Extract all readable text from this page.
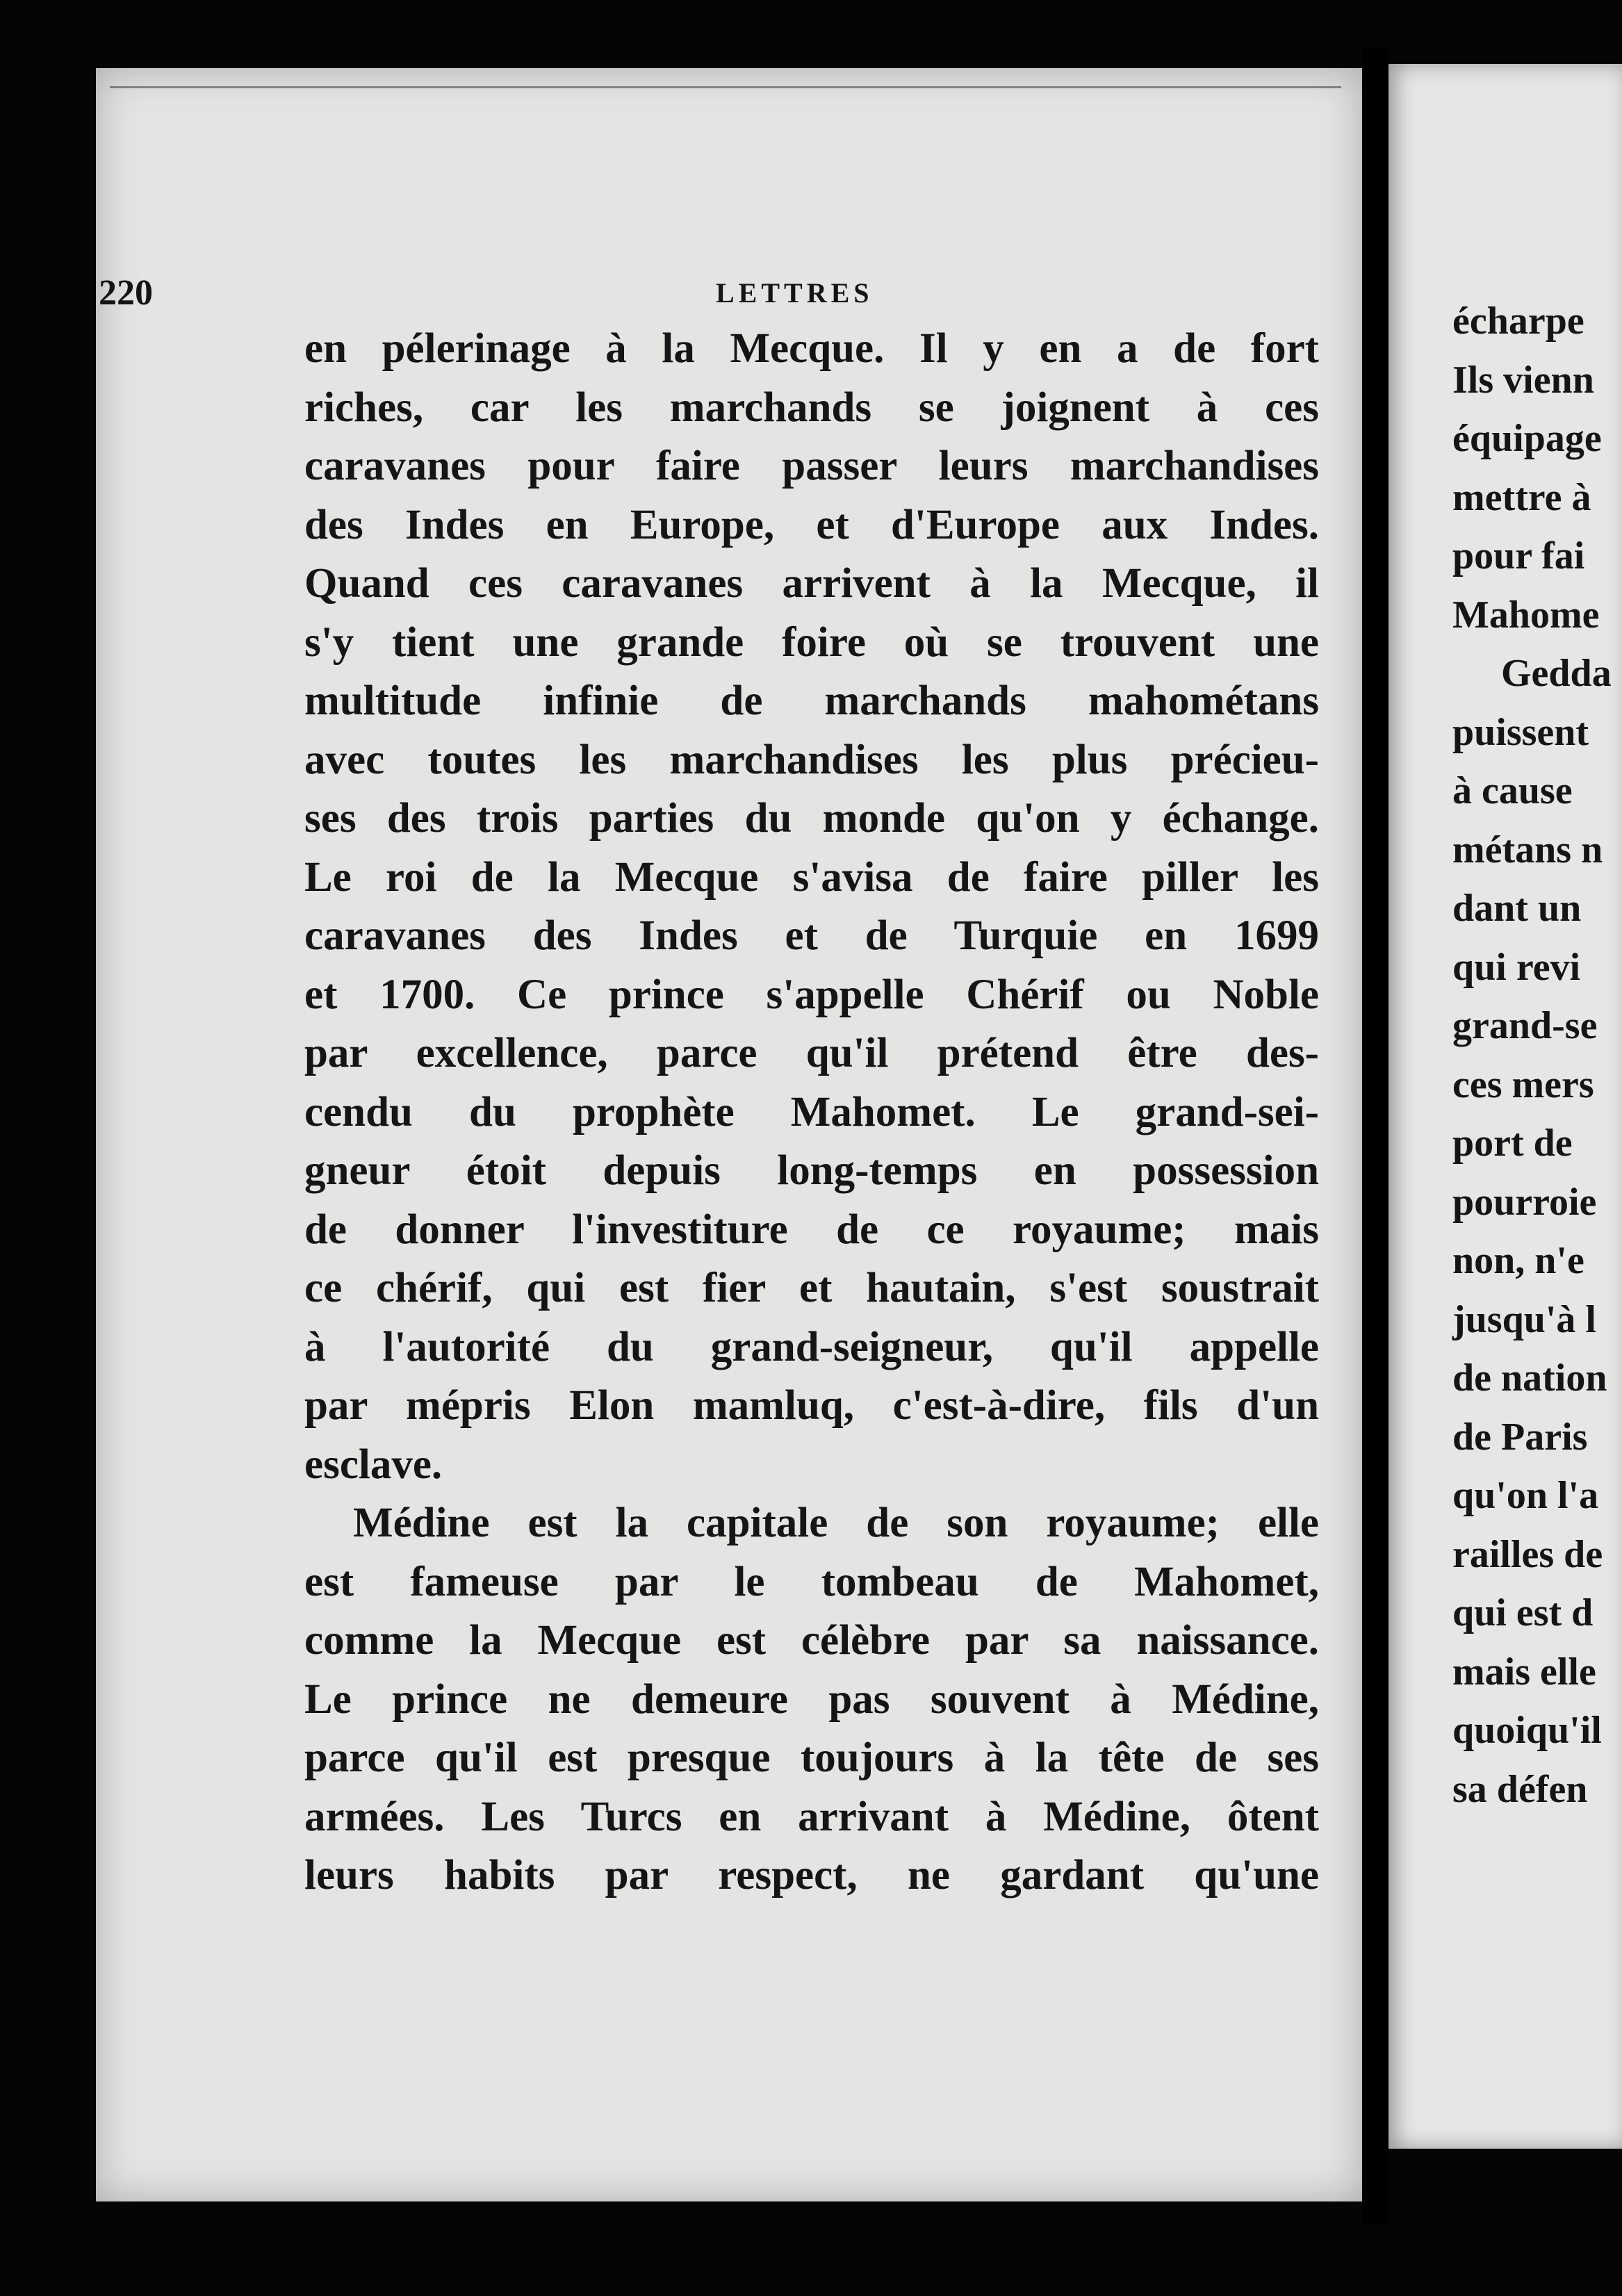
220	LETTRES
en pélerinage à la Mecque. Il y en a de fort
riches, car les marchands se joignent à ces
caravanes pour faire passer leurs marchandises
des Indes en Europe, et d'Europe aux Indes.
Quand ces caravanes arrivent à la Mecque, il
s'y tient une grande foire où se trouvent une
multitude infinie de marchands mahométans
avec toutes les marchandises les plus précieu-
ses des trois parties du monde qu'on y échange.
Le roi de la Mecque s'avisa de faire piller les
caravanes des Indes et de Turquie en 1699
et 1700. Ce prince s'appelle Chérif ou Noble
par excellence, parce qu'il prétend être des-
cendu du prophète Mahomet. Le grand-sei-
gneur étoit depuis long-temps en possession
de donner l'investiture de ce royaume; mais
ce chérif, qui est fier et hautain, s'est soustrait
à l'autorité du grand-seigneur, qu'il appelle
par mépris Elon mamluq, c'est-à-dire, fils d'un
esclave.
Médine est la capitale de son royaume; elle
est fameuse par le tombeau de Mahomet,
comme la Mecque est célèbre par sa naissance.
Le prince ne demeure pas souvent à Médine,
parce qu'il est presque toujours à la tête de ses
armées. Les Turcs en arrivant à Médine, ôtent
leurs habits par respect, ne gardant qu'une
écharpe
Ils vienn
équipage
mettre à
pour fai
Mahome
Gedda
puissent
à cause
métans n
dant un
qui revi
grand-se
ces mers
port de
pourroie
non, n'e
jusqu'à l
de nation
de Paris
qu'on l'a
railles de
qui est d
mais elle
quoiqu'il
sa défen
